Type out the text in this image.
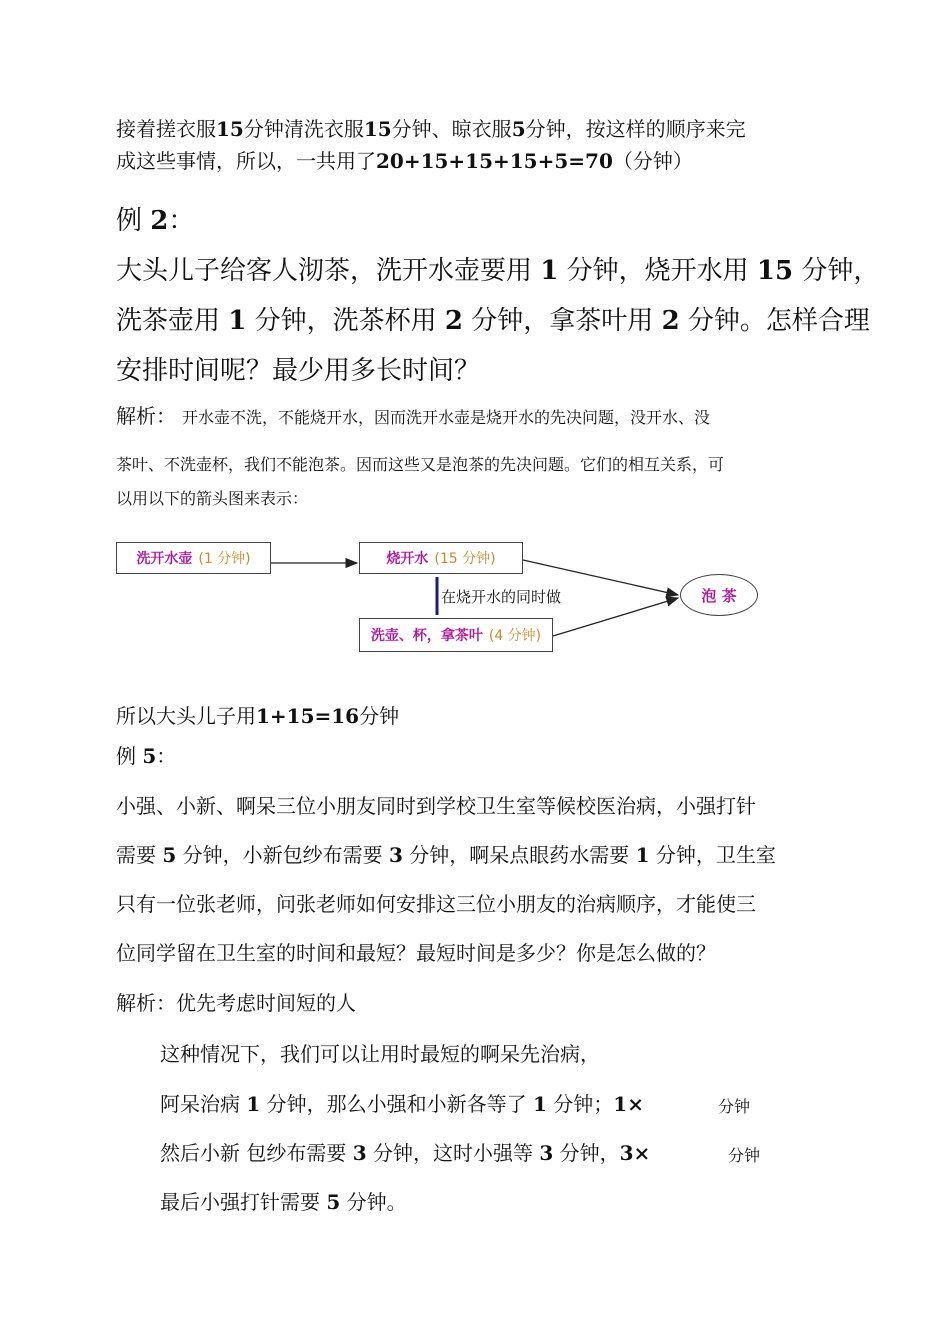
接着搓衣服15分钟清洗衣服15分钟、晾衣服5分钟，按这样的顺序来完
成这些事情，所以，一共用了20+15+15+15+5=70（分钟）
例 2：
大头儿子给客人沏茶，洗开水壶要用 1 分钟，烧开水用 15 分钟，
洗茶壶用 1 分钟，洗茶杯用 2 分钟，拿茶叶用 2 分钟。怎样合理
安排时间呢？最少用多长时间？
解析： 开水壶不洗，不能烧开水，因而洗开水壶是烧开水的先决问题，没开水、没
茶叶、不洗壶杯，我们不能泡茶。因而这些又是泡茶的先决问题。它们的相互关系，可
以用以下的箭头图来表示：
洗开水壶 (1 分钟)	烧开水 (15 分钟)
洗壶、杯，拿茶叶 (4 分钟)
在烧开水的同时做	泡 茶
所以大头儿子用1+15=16分钟
例 5：
小强、小新、啊呆三位小朋友同时到学校卫生室等候校医治病，小强打针
需要 5 分钟，小新包纱布需要 3 分钟，啊呆点眼药水需要 1 分钟，卫生室
只有一位张老师，问张老师如何安排这三位小朋友的治病顺序，才能使三
位同学留在卫生室的时间和最短？最短时间是多少？你是怎么做的？
解析：优先考虑时间短的人
这种情况下，我们可以让用时最短的啊呆先治病，
阿呆治病 1 分钟，那么小强和小新各等了 1 分钟；1×	分钟
然后小新 包纱布需要 3 分钟，这时小强等 3 分钟，3×	分钟
最后小强打针需要 5 分钟。
